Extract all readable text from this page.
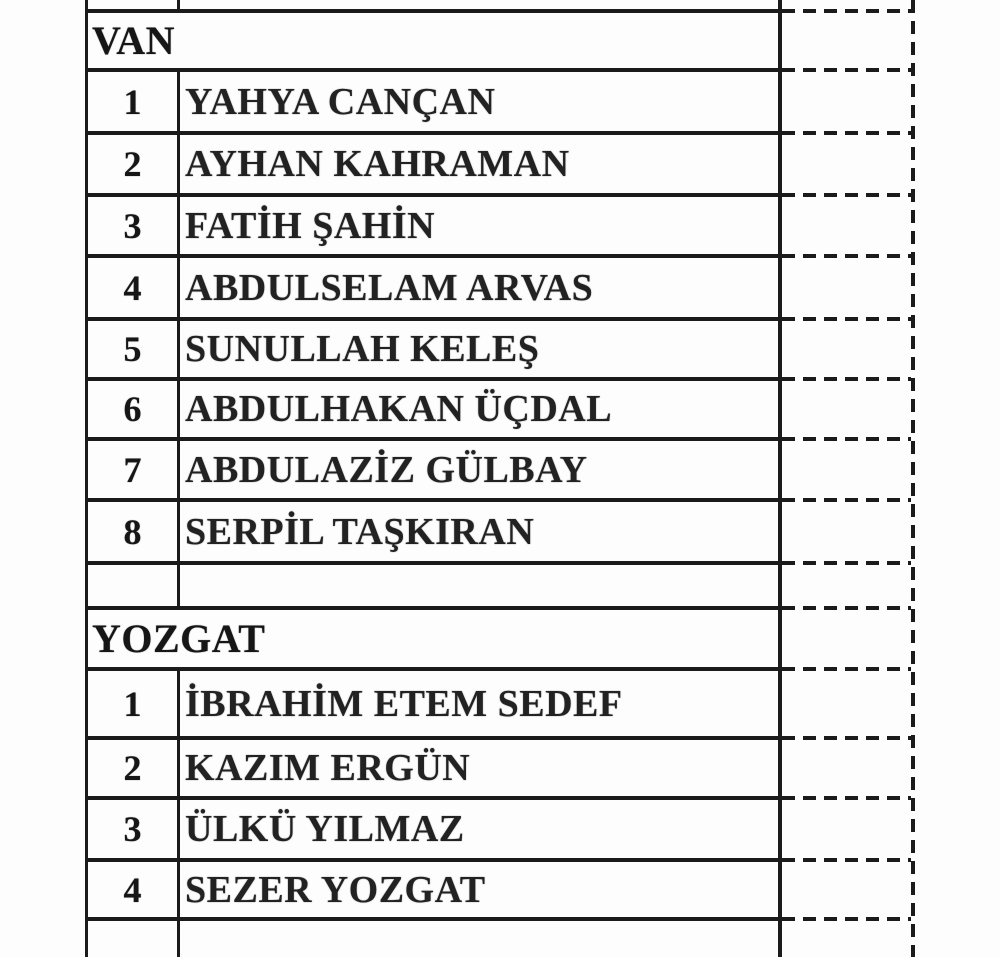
VAN
1	YAHYA CANÇAN
2	AYHAN KAHRAMAN
3	FATİH ŞAHİN
4	ABDULSELAM ARVAS
5	SUNULLAH KELEŞ
6	ABDULHAKAN ÜÇDAL
7	ABDULAZİZ GÜLBAY
8	SERPİL TAŞKIRAN
YOZGAT
1	İBRAHİM ETEM SEDEF
2	KAZIM ERGÜN
3	ÜLKÜ YILMAZ
4	SEZER YOZGAT
